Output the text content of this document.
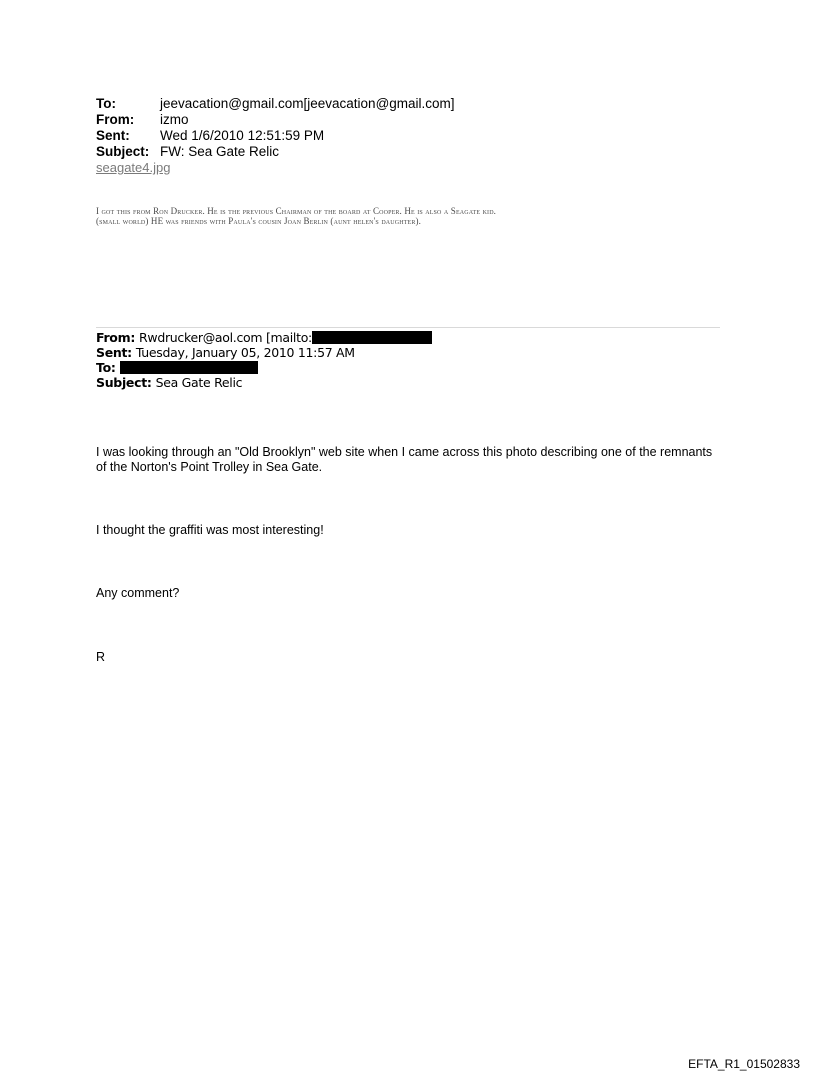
To:	jeevacation@gmail.com[jeevacation@gmail.com]
From:	izmo
Sent:	Wed 1/6/2010 12:51:59 PM
Subject: FW: Sea Gate Relic
seagate4.jpg
I got this from Ron Drucker. He is the previous Chairman of the board at Cooper. He is also a Seagate kid.
(small world) HE was friends with Paula's cousin Joan Berlin (aunt helen's daughter).
From: Rwdrucker@aol.com [mailto:
Sent: Tuesday, January 05, 2010 11:57 AM
To:
Subject: Sea Gate Relic
I was looking through an "Old Brooklyn" web site when I came across this photo describing one of the remnants of the Norton's Point Trolley in Sea Gate.
I thought the graffiti was most interesting!
Any comment?
R
EFTA_R1_01502833
